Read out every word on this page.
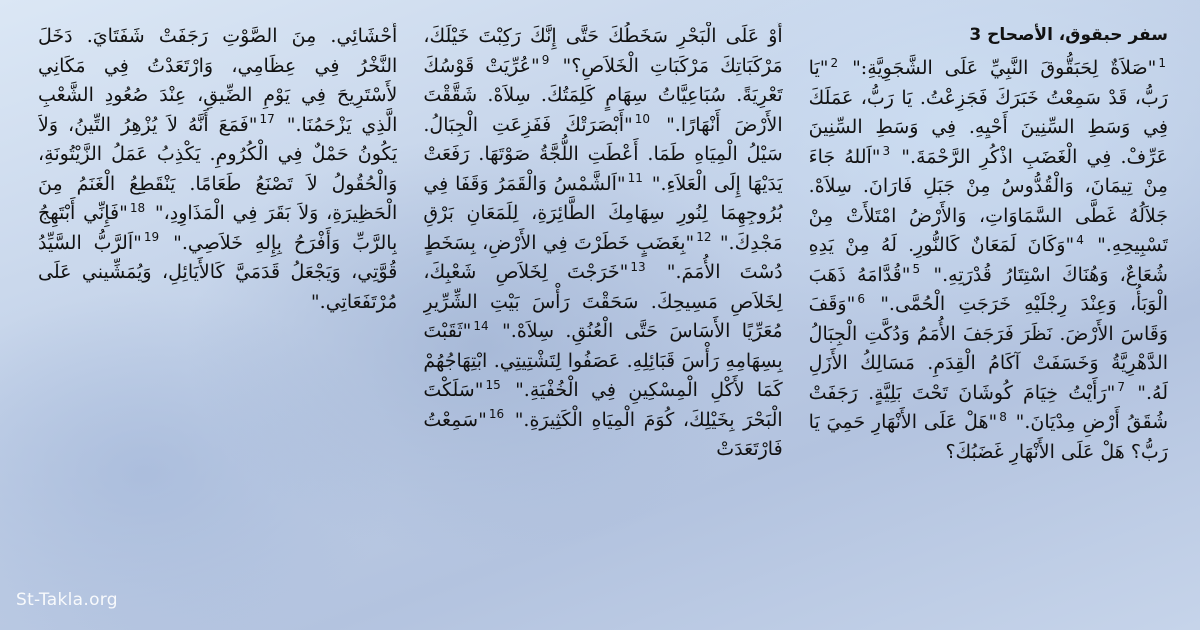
سفر حبقوق، الأصحاح 3
$^1$"صَلاَةٌ لِحَبَقُّوقَ النَّبِيِّ عَلَى الشَّجَوِيَّةِ:" $^2$"يَا رَبُّ، قَدْ سَمِعْتُ خَبَرَكَ فَجَزِعْتُ. يَا رَبُّ، عَمَلَكَ فِي وَسَطِ السِّنِينَ أَحْيِهِ. فِي وَسَطِ السِّنِينَ عَرِّفْ. فِي الْغَضَبِ اذْكُرِ الرَّحْمَةَ." $^3$"اَللهُ جَاءَ مِنْ تِيمَانَ، وَالْقُدُّوسُ مِنْ جَبَلِ فَارَانَ. سِلاَهْ. جَلاَلُهُ غَطَّى السَّمَاوَاتِ، وَالأَرْضُ امْتَلأَتْ مِنْ تَسْبِيحِهِ." $^4$"وَكَانَ لَمَعَانٌ كَالنُّورِ. لَهُ مِنْ يَدِهِ شُعَاعٌ، وَهُنَاكَ اسْتِتَارُ قُدْرَتِهِ." $^5$"قُدَّامَهُ ذَهَبَ الْوَبَأُ، وَعِنْدَ رِجْلَيْهِ خَرَجَتِ الْحُمَّى." $^6$"وَقَفَ وَقَاسَ الأَرْضَ. نَظَرَ فَرَجَفَ الأُمَمُ وَدُكَّتِ الْجِبَالُ الدَّهْرِيَّةُ وَخَسَفَتْ آكَامُ الْقِدَمِ. مَسَالِكُ الأَزَلِ لَهُ." $^7$"رَأَيْتُ خِيَامَ كُوشَانَ تَحْتَ بَلِيَّةٍ. رَجَفَتْ شُقَقُ أَرْضِ مِدْيَانَ." $^8$"هَلْ عَلَى الأَنْهَارِ حَمِيَ يَا رَبُّ؟ هَلْ عَلَى الأَنْهَارِ غَضَبُكَ؟
أَوْ عَلَى الْبَحْرِ سَخَطُكَ حَتَّى إِنَّكَ رَكِبْتَ خَيْلَكَ، مَرْكَبَاتِكَ مَرْكَبَاتِ الْخَلاَصِ؟" $^9$"عُرِّيَتْ قَوْسُكَ تَعْرِيَةً. سُبَاعِيَّاتُ سِهَامٍ كَلِمَتُكَ. سِلاَهْ. شَقَّقْتَ الأَرْضَ أَنْهَارًا." $^{10}$"أَبْصَرَتْكَ فَفَزِعَتِ الْجِبَالُ. سَيْلُ الْمِيَاهِ طَمَا. أَعْطَتِ اللُّجَّةُ صَوْتَهَا. رَفَعَتْ يَدَيْهَا إِلَى الْعَلاَءِ." $^{11}$"اَلشَّمْسُ وَالْقَمَرُ وَقَفَا فِي بُرُوجِهِمَا لِنُورِ سِهَامِكَ الطَّائِرَةِ، لِلَمَعَانِ بَرْقِ مَجْدِكَ." $^{12}$"بِغَضَبٍ خَطَرْتَ فِي الأَرْضِ، بِسَخَطٍ دُسْتَ الأُمَمَ." $^{13}$"خَرَجْتَ لِخَلاَصِ شَعْبِكَ، لِخَلاَصِ مَسِيحِكَ. سَحَقْتَ رَأْسَ بَيْتِ الشِّرِّيرِ مُعَرِّيًا الأَسَاسَ حَتَّى الْعُنُقِ. سِلاَهْ." $^{14}$"ثَقَبْتَ بِسِهَامِهِ رَأْسَ قَبَائِلِهِ. عَصَفُوا لِتَشْتِيتِي. ابْتِهَاجُهُمْ كَمَا لأَكْلِ الْمِسْكِينِ فِي الْخُفْيَةِ." $^{15}$"سَلَكْتَ الْبَحْرَ بِخَيْلِكَ، كُوَمَ الْمِيَاهِ الْكَثِيرَةِ." $^{16}$"سَمِعْتُ فَارْتَعَدَتْ
أَحْشَائِي. مِنَ الصَّوْتِ رَجَفَتْ شَفَتَايَ. دَخَلَ النَّخْرُ فِي عِظَامِي، وَارْتَعَدْتُ فِي مَكَانِي لأَسْتَرِيحَ فِي يَوْمِ الضِّيقِ، عِنْدَ صُعُودِ الشَّعْبِ الَّذِي يَزْحَمُنَا." $^{17}$"فَمَعَ أَنَّهُ لاَ يُزْهِرُ التِّينُ، وَلاَ يَكُونُ حَمْلٌ فِي الْكُرُومِ. يَكْذِبُ عَمَلُ الزَّيْتُونَةِ، وَالْحُقُولُ لاَ تَصْنَعُ طَعَامًا. يَنْقَطِعُ الْغَنَمُ مِنَ الْحَظِيرَةِ، وَلاَ بَقَرَ فِي الْمَذَاوِدِ،" $^{18}$"فَإِنِّي أَبْتَهِجُ بِالرَّبِّ وَأَفْرَحُ بِإِلهِ خَلاَصِي." $^{19}$"اَلرَّبُّ السَّيِّدُ قُوَّتِي، وَيَجْعَلُ قَدَمَيَّ كَالأَيَائِلِ، وَيُمَشِّيني عَلَى مُرْتَفَعَاتِي."
St-Takla.org
